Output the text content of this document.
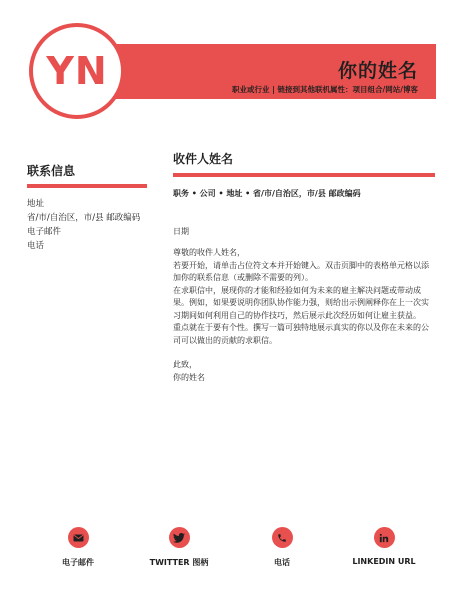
你的姓名
职业或行业 | 链接到其他联机属性：项目组合/网站/博客
YN
联系信息
地址
省/市/自治区，市/县 邮政编码
电子邮件
电话
收件人姓名
职务 • 公司 • 地址 • 省/市/自治区，市/县 邮政编码
日期

尊敬的收件人姓名，

若要开始，请单击占位符文本并开始键入。双击页脚中的表格单元格以添加你的联系信息（或删除不需要的列）。

在求职信中，展现你的才能和经验如何为未来的雇主解决问题或带动成果。例如，如果要说明你团队协作能力强，则给出示例阐释你在上一次实习期间如何利用自己的协作技巧，然后展示此次经历如何让雇主获益。

重点就在于要有个性。撰写一篇可独特地展示真实的你以及你在未来的公司可以做出的贡献的求职信。

此致，
你的姓名
电子邮件	TWITTER 图柄	电话	LINKEDIN URL
